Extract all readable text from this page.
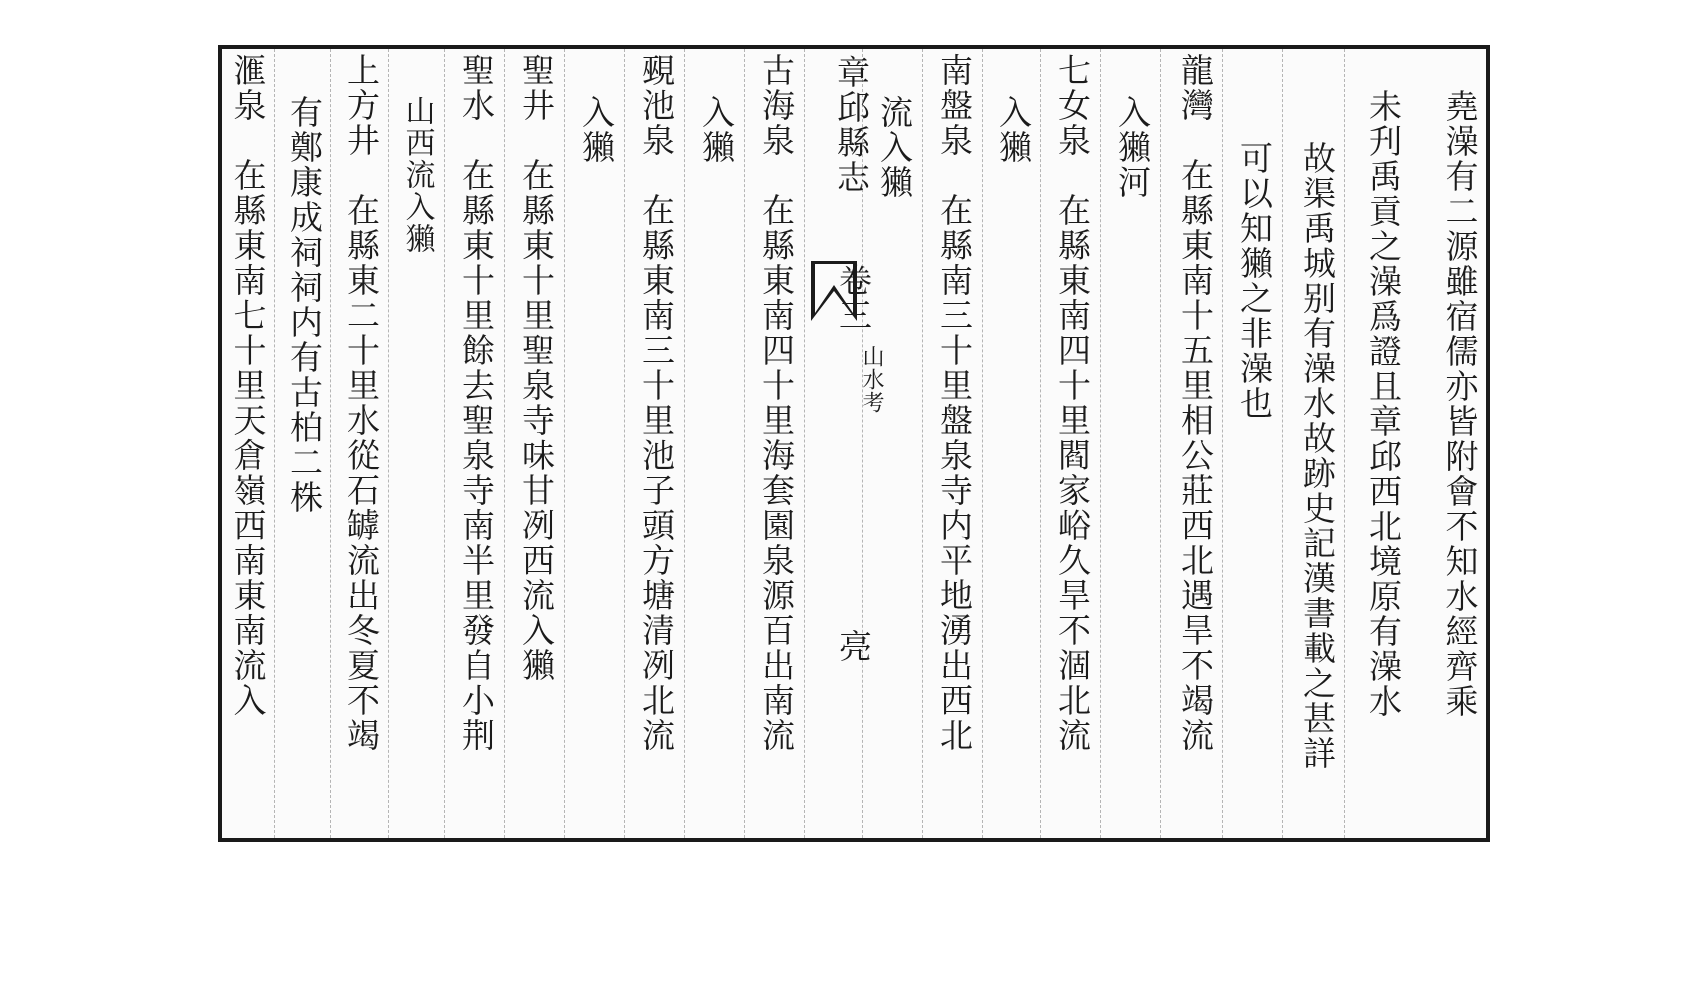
堯澡有二源雖宿儒亦皆附會不知水經齊乘
未刋禹貢之澡爲證且章邱西北境原有澡水
故渠禹城别有澡水故跡史記漢書載之甚詳
可以知獺之非澡也
龍灣　在縣東南十五里相公莊西北遇旱不竭流
入獺河
七女泉　在縣東南四十里閻家峪久旱不涸北流
入獺
南盤泉　在縣南三十里盤泉寺内平地湧出西北
流入獺
章邱縣志
卷三
山水考
亮
古海泉　在縣東南四十里海套園泉源百出南流
入獺
覡池泉　在縣東南三十里池子頭方塘清冽北流
入獺
聖井　在縣東十里聖泉寺味甘冽西流入獺
聖水　在縣東十里餘去聖泉寺南半里發自小荆
山西流入獺
上方井　在縣東二十里水從石罅流出冬夏不竭
有鄭康成祠祠内有古柏二株
滙泉　在縣東南七十里天倉嶺西南東南流入
